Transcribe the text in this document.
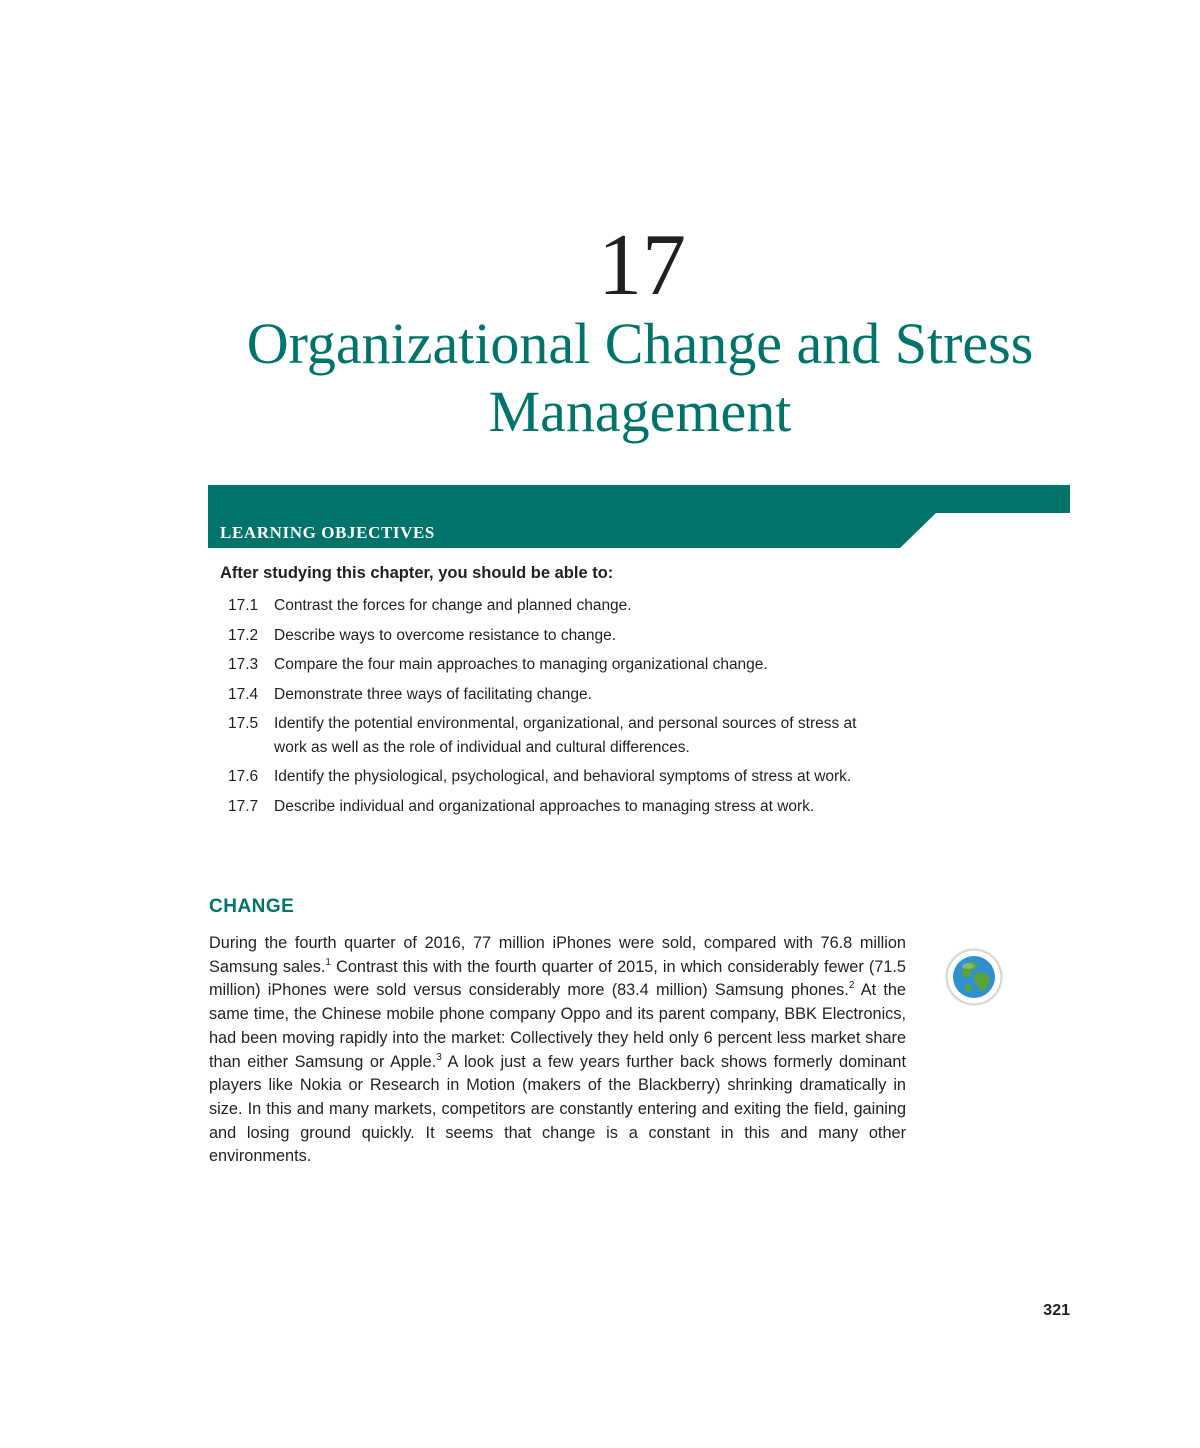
17
Organizational Change and Stress Management
LEARNING OBJECTIVES
After studying this chapter, you should be able to:
17.1	Contrast the forces for change and planned change.
17.2	Describe ways to overcome resistance to change.
17.3	Compare the four main approaches to managing organizational change.
17.4	Demonstrate three ways of facilitating change.
17.5	Identify the potential environmental, organizational, and personal sources of stress at work as well as the role of individual and cultural differences.
17.6	Identify the physiological, psychological, and behavioral symptoms of stress at work.
17.7	Describe individual and organizational approaches to managing stress at work.
CHANGE

During the fourth quarter of 2016, 77 million iPhones were sold, compared with 76.8 million Samsung sales.$^1$ Contrast this with the fourth quarter of 2015, in which considerably fewer (71.5 million) iPhones were sold versus considerably more (83.4 million) Samsung phones.$^2$ At the same time, the Chinese mobile phone company Oppo and its parent company, BBK Electronics, had been moving rapidly into the market: Collectively they held only 6 percent less market share than either Samsung or Apple.$^3$ A look just a few years further back shows formerly dominant players like Nokia or Research in Motion (makers of the Blackberry) shrinking dramatically in size. In this and many markets, competitors are constantly entering and exiting the field, gaining and losing ground quickly. It seems that change is a constant in this and many other environments.

321
